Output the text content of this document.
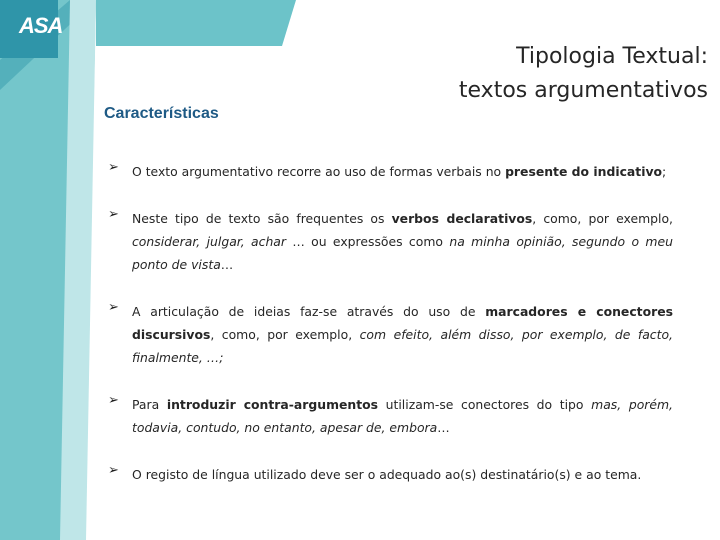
ASA
Tipologia Textual:
textos argumentativos
Características
➢ O texto argumentativo recorre ao uso de formas verbais no presente do indicativo;
➢ Neste tipo de texto são frequentes os verbos declarativos, como, por exemplo, considerar, julgar, achar … ou expressões como na minha opinião, segundo o meu ponto de vista…
➢ A articulação de ideias faz-se através do uso de marcadores e conectores discursivos, como, por exemplo, com efeito, além disso, por exemplo, de facto, finalmente, …;
➢ Para introduzir contra-argumentos utilizam-se conectores do tipo mas, porém, todavia, contudo, no entanto, apesar de, embora…
➢ O registo de língua utilizado deve ser o adequado ao(s) destinatário(s) e ao tema.
